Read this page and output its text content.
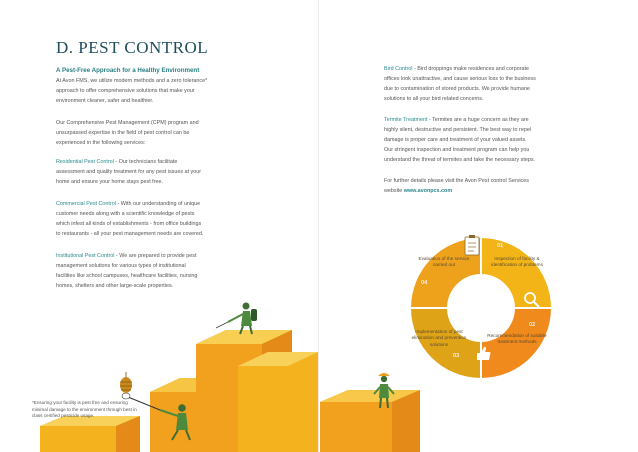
D. PEST CONTROL
A Pest-Free Approach for a Healthy Environment
At Avon FMS, we utilize modern methods and a zero tolerance*
approach to offer comprehensive solutions that make your
environment cleaner, safer and healthier.
Our Comprehensive Pest Management (CPM) program and
unsurpassed expertise in the field of pest control can be
experienced in the following services:
Residential Pest Control - Our technicians facilitate
assessment and quality treatment for any pest issues at your
home and ensure your home stays pest free.
Commercial Pest Control - With our understanding of unique
customer needs along with a scientific knowledge of pests
which infest all kinds of establishments - from office buildings
to restaurants - all your pest management needs are covered.
Institutional Pest Control - We are prepared to provide pest
management solutions for various types of institutional
facilities like school campuses, healthcare facilities, nursing
homes, shelters and other large-scale properties.
Bird Control - Bird droppings make residences and corporate
offices look unattractive, and cause serious loss to the business
due to contamination of stored products. We provide humane
solutions to all your bird related concerns.
Termite Treatment - Termites are a huge concern as they are
highly silent, destructive and persistent. The best way to repel
damage is proper care and treatment of your valued assets.
Our stringent inspection and treatment program can help you
understand the threat of termites and take the necessary steps.
For further details please visit the Avon Pest control Services
website www.avonpcs.com
Evaluation of the service carried out
Inspection of facility & identification of problems
Recommendation of suitable treatment methods
Implementation of pest elimination and prevention solutions
01
02
03
04
*Ensuring your facility is pest free and ensuring minimal damage to the environment through best in class certified pesticide usage.
